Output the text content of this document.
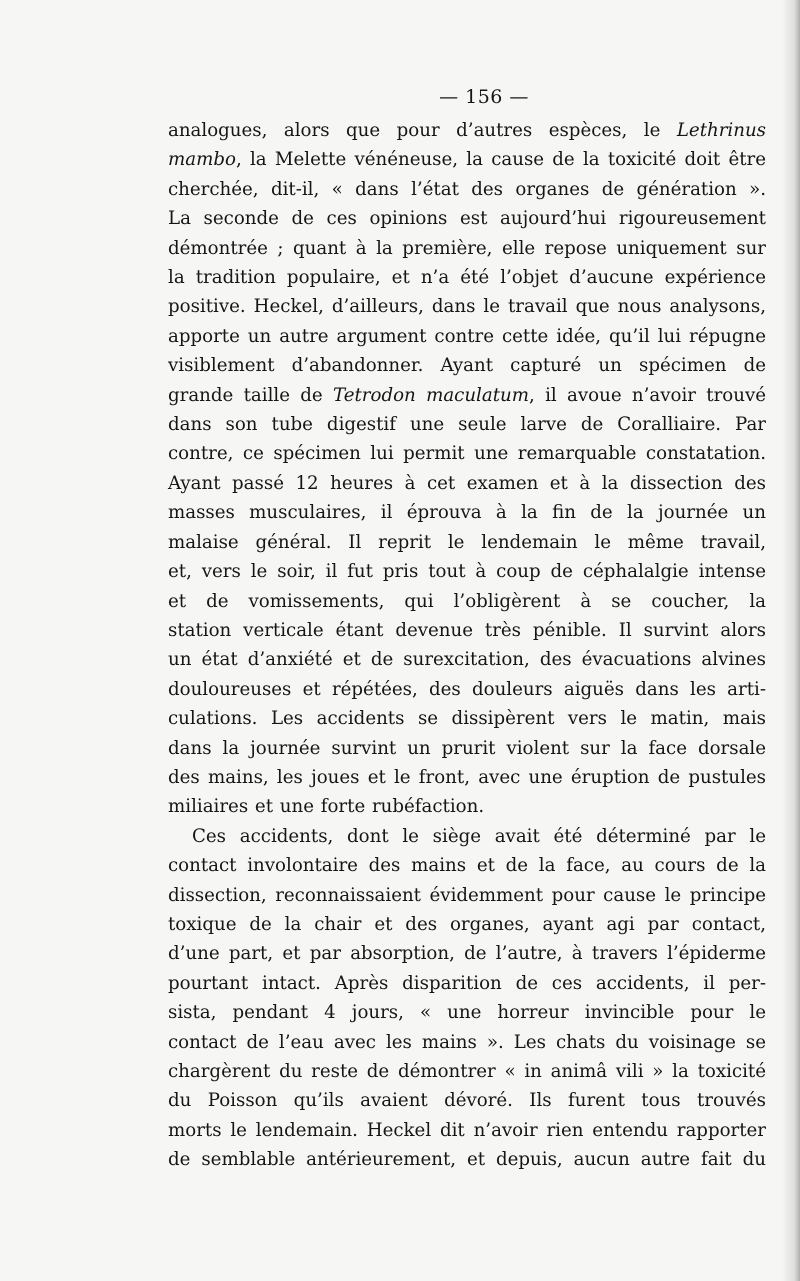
— 156 —
analogues, alors que pour d’autres espèces, le Lethrinus
mambo, la Melette vénéneuse, la cause de la toxicité doit être
cherchée, dit-il, « dans l’état des organes de génération ».
La seconde de ces opinions est aujourd’hui rigoureusement
démontrée ; quant à la première, elle repose uniquement sur
la tradition populaire, et n’a été l’objet d’aucune expérience
positive. Heckel, d’ailleurs, dans le travail que nous analysons,
apporte un autre argument contre cette idée, qu’il lui répugne
visiblement d’abandonner. Ayant capturé un spécimen de
grande taille de Tetrodon maculatum, il avoue n’avoir trouvé
dans son tube digestif une seule larve de Coralliaire. Par
contre, ce spécimen lui permit une remarquable constatation.
Ayant passé 12 heures à cet examen et à la dissection des
masses musculaires, il éprouva à la fin de la journée un
malaise général. Il reprit le lendemain le même travail,
et, vers le soir, il fut pris tout à coup de céphalalgie intense
et de vomissements, qui l’obligèrent à se coucher, la
station verticale étant devenue très pénible. Il survint alors
un état d’anxiété et de surexcitation, des évacuations alvines
douloureuses et répétées, des douleurs aiguës dans les arti-
culations. Les accidents se dissipèrent vers le matin, mais
dans la journée survint un prurit violent sur la face dorsale
des mains, les joues et le front, avec une éruption de pustules
miliaires et une forte rubéfaction.
Ces accidents, dont le siège avait été déterminé par le
contact involontaire des mains et de la face, au cours de la
dissection, reconnaissaient évidemment pour cause le principe
toxique de la chair et des organes, ayant agi par contact,
d’une part, et par absorption, de l’autre, à travers l’épiderme
pourtant intact. Après disparition de ces accidents, il per-
sista, pendant 4 jours, « une horreur invincible pour le
contact de l’eau avec les mains ». Les chats du voisinage se
chargèrent du reste de démontrer « in animâ vili » la toxicité
du Poisson qu’ils avaient dévoré. Ils furent tous trouvés
morts le lendemain. Heckel dit n’avoir rien entendu rapporter
de semblable antérieurement, et depuis, aucun autre fait du
